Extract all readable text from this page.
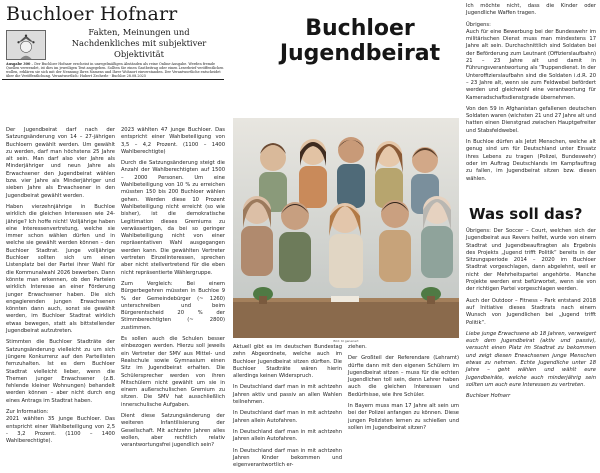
Buchloer Hofnarr
Fakten, Meinungen und Nachdenkliches mit subjektiver Objektivität
Ausgabe 300 – Der Buchloer Hofnarr erscheint in unregelmäßigen Abständen als reine Online-Ausgabe. Werden fremde Quellen verwendet, ist dies im jeweiligen Text angegeben. Sollten Sie einen Gastbeitrag oder einen Leserbrief veröffentlichen wollen, erklären sie sich mit der Nennung Ihres Namens und Ihrer Wohnort einverstanden. Der Verantwortliche entscheidet über die Veröffentlichung. Verantwortlich: Hubert Zecherle · Buchloe 28.08.2025

Der Jugendbeirat darf nach der Satzungsänderung von 14 – 27-jährigen Buchloern gewählt werden. Um gewählt zu werden, darf man höchstens 25 Jahre alt sein. Man darf also vier Jahre als Minderjähriger und neun Jahre als Erwachsener den Jugendbeirat wählen bzw. vier Jahre als Minderjähriger und sieben Jahre als Erwachsener in den Jugendbeirat gewählt werden.

Haben vierzehnjährige in Buchloe wirklich die gleichen Interessen wie 24-jährige? Ich hoffe nicht! Volljährige haben eine Interessenvertretung, welche sie immer schon wählen dürfen und in welche sie gewählt werden können – den Buchloer Stadtrat. Junge volljährige Buchloer sollten sich um einen Listenplatz bei der Partei ihrer Wahl für die Kommunalwahl 2026 bewerben. Dann könnte man erkennen, ob den Parteien wirklich Interesse an einer Förderung junger Erwachsener haben. Die sich engagierenden jungen Erwachsenen könnten dann auch, sonst sie gewählt werden, im Buchloer Stadtrat wirklich etwas bewegen, statt als bittstellender Jugendbeirat aufzutreten.

Stimmten die Buchloer Stadträte der Satzungsänderung vielleicht zu um sich jüngere Konkurrenz auf den Parteilisten fernzuhalten. Ist es dem Buchloer Stadtrat vielleicht lieber, wenn die Themen junger Erwachsener (z.B. fehlende kleiner Wohnungen) behandelt werden können – aber nicht durch eng eines Antrags im Stadtrat haben.

Zur Information:

2021 wählten 35 junge Buchloer. Das entspricht einer Wahlbeteiligung von 2,5 - 3,2 Prozent. (1100 – 1400 Wahlberechtigte).

2023 wählten 47 junge Buchloer. Das entspricht einer Wahlbeteiligung von 3,5 – 4,2 Prozent. (1100 – 1400 Wahlberechtigte)

Durch die Satzungsänderung steigt die Anzahl der Wahlberechtigten auf 1500 – 2000 Personen. Um eine Wahlbeteiligung von 10 % zu erreichen müssten 150 bis 200 Buchloer wählen gehen. Werden diese 10 Prozent Wahlbeteiligung nicht erreicht (so wie bisher), ist die demokratische Legitimation dieses Gremiums zu verwässertigen, da bei so geringer Wahlbeteiligung nicht von einer repräsentativen Wahl ausgegangen werden kann. Die gewählten Vertreter vertreten Einzelinteressen, sprechen aber nicht stellvertretend für die eben nicht repräsentierte Wählergruppe.

Zum Vergleich: Bei einem Bürgerbegehren müssten in Buchloe 9 % der Gemeindebürger (~ 1260) unterschreiben und beim Bürgerentscheid 20 % der Stimmberechtigten (~ 2800) zustimmen.

Es sollen auch die Schulen besser einbezogen werden. Hierzu soll jeweils ein Vertreter der SMV aus Mittel- und Realschule sowie Gymnasium einen Sitz im Jugendbeirat erhalten. Die Schülersprecher werden von ihren Mitschülern nicht gewählt um sie in einem außerschulischen Gremium zu sitzen. Die SMV hat ausschließlich innerschulische Aufgaben.

Dient diese Satzungsänderung der weiteren Infantilisierung der Gesellschaft. Mit achtzehn Jahren alles wollen, aber rechtlich relativ verantwortungsfrei jugendlich sein?

Buchloer Jugendbeirat
Bild: KI generiert

Aktuell gibt es im deutschen Bundestag zehn Abgeordnete, welche auch im Buchloer Jugendbeirat sitzen dürften. Die Buchloer Stadträte wären hierin allerdings keinen Widerspruch.

In Deutschland darf man in mit achtzehn Jahren aktiv und passiv an allen Wahlen teilnehmen.

In Deutschland darf man in mit achtzehn Jahren allein Autofahren.

In Deutschland darf man in mit achtzehn Jahren allein Autofahren.

In Deutschland darf man in mit achtzehn Jahren Kinder bekommen und eigenverantwortlich er-

ziehen.

Der Großteil der Referendare (Lehramt) dürfte dann mit den eigenen Schülern im Jugendbeirat sitzen – muss für die echten Jugendlichen toll sein, denn Lehrer haben auch die gleichen Interessen und Bedürfnisse, wie ihre Schüler.

In Bayern muss man 17 Jahre alt sein um bei der Polizei anfangen zu können. Diese jungen Polizisten lernen zu schießen und sollen im Jugendbeirat sitzen?

Ich möchte nicht, dass die Kinder oder Jugendliche Waffen tragen.

Übrigens:

Auch für eine Bewerbung bei der Bundeswehr im militärischen Dienst muss man mindestens 17 Jahre alt sein. Durchschnittlich sind Soldaten bei der Beförderung zum Leutnant (Offizierslaufbahn) 21 – 23 Jahre alt und damit in Führungsverantwortung als 'Truppendienst. In der Unteroffizierslaufbahn sind die Soldaten i.d.R. 20 – 23 Jahre alt, wenn sie zum Feldwebel befördert werden und gleichwohl eine verantwortung für Kameradschaftsdienstgrade übernehmen.

Von den 59 in Afghanistan gefallenen deutschen Soldaten waren (wichsten 21 und 27 Jahre alt und hatten einen Dienstgrad zwischen Hauptgefreiter und Stabsfeldwebel.

In Buchloe dürfen als Jetzt Menschen, welche alt genug sind um für Deutschland unter Einsatz ihres Lebens zu tragen (Polizei, Bundeswehr) oder im Auftrag Deutschlands im Kampfauftrag zu fallen, im Jugendbeirat sitzen bzw. diesen wählen.

Was soll das?

Übrigens: Der Soccer – Court, welchen sich der Jugendbeirat aus Revers helfet, wurde von einem Stadtrat und Jugendbeauftragten als Ergebnis des Projekts „Jugend trifft Politik“ bereits in der Sitzungsperiode 2014 – 2020 im Buchloer Stadtrat vorgeschlagen, dann abgelehnt, weil er nicht der Mehrheitspartei angehörte. Manche Projekte werden erst befürwortet, wenn sie von der richtigen Partei vorgeschlagen werden.

Auch der Outdoor – Fitness – Park entstand 2018 auf Initiative dieses Stadtrats nach einem Wunsch von Jugendlichen bei „Jugend trifft Politik“.

Liebe junge Erwachsene ab 18 Jahren, verweigert euch dem Jugendbeirat (aktiv und passiv), versucht einen Platz im Stadtrat zu bekommen und zeigt diesen Erwachsenen junge Menschen etwas zu nehmen. Echte Jugendliche unter 18 Jahre – geht wählen und wählt eure Jugendbeiräte, welche auch minderjährig sein sollten um auch eure Interessen zu vertreten.

Buchloer Hofnarr
